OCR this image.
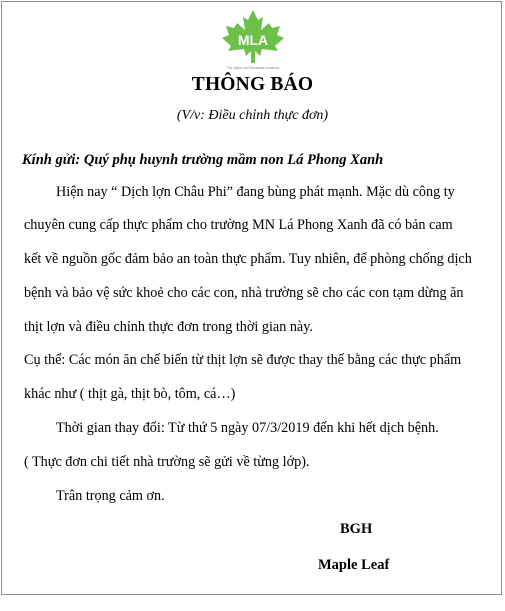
MLA
The Maple Leaf Montessori Academy
THÔNG BÁO
(V/v: Điều chỉnh thực đơn)
Kính gửi: Quý phụ huynh trường mầm non Lá Phong Xanh
Hiện nay “ Dịch lợn Châu Phi” đang bùng phát mạnh. Mặc dù công ty
chuyên cung cấp thực phẩm cho trường MN Lá Phong Xanh đã có bản cam
kết về nguồn gốc đảm bảo an toàn thực phẩm. Tuy nhiên, để phòng chống dịch
bệnh và bảo vệ sức khoẻ cho các con, nhà trường sẽ cho các con tạm dừng ăn
thịt lợn và điều chỉnh thực đơn trong thời gian này.
Cụ thể: Các món ăn chế biến từ thịt lợn sẽ được thay thế bằng các thực phẩm
khác như ( thịt gà, thịt bò, tôm, cá…)
Thời gian thay đổi: Từ thứ 5 ngày 07/3/2019 đến khi hết dịch bệnh.
( Thực đơn chi tiết nhà trường sẽ gửi về từng lớp).
Trân trọng cảm ơn.
BGH
Maple Leaf
